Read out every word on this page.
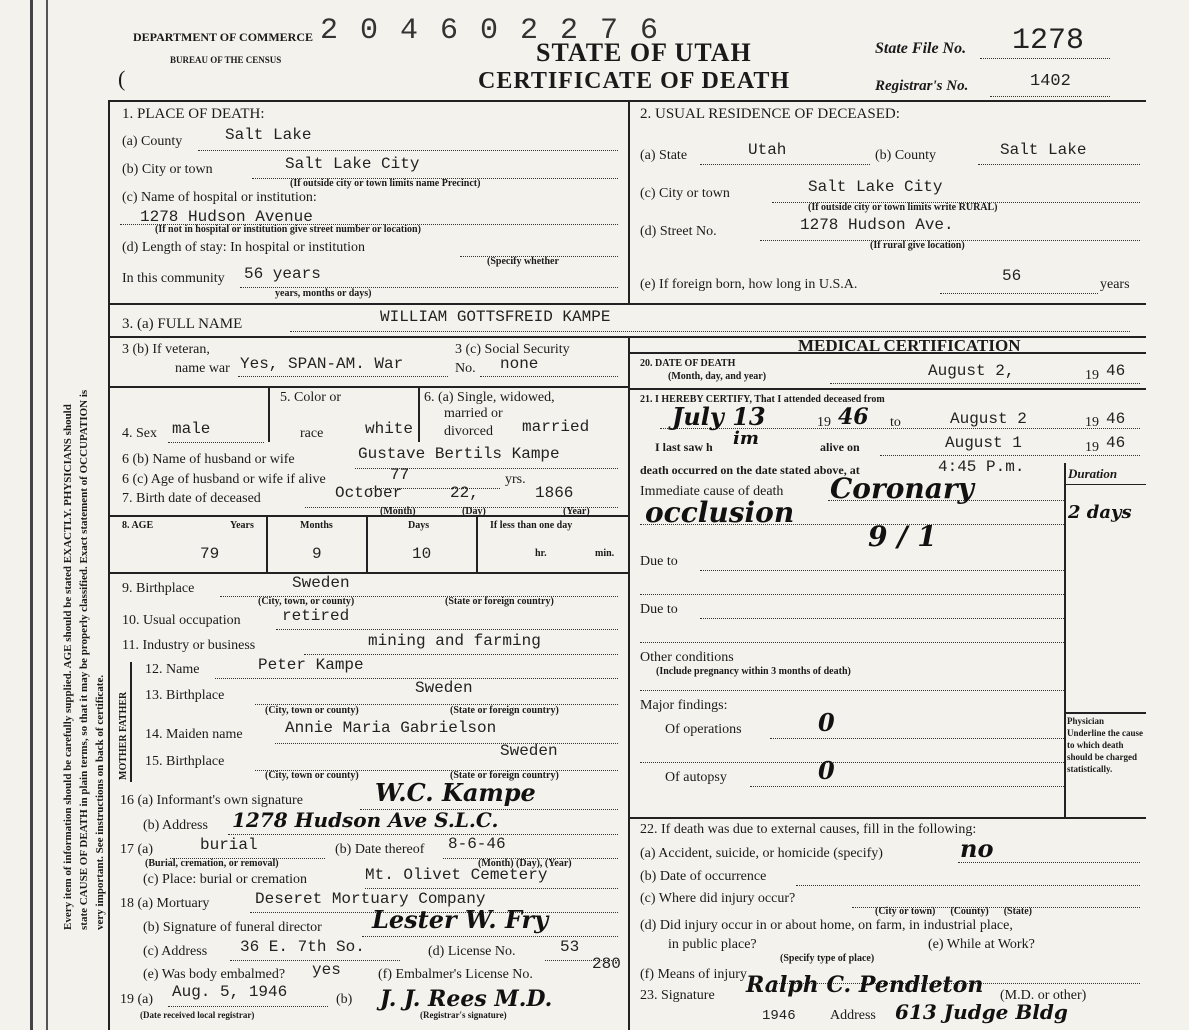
Every item of information should be carefully supplied. AGE should be stated EXACTLY. PHYSICIANS should state CAUSE OF DEATH in plain terms, so that it may be properly classified. Exact statement of OCCUPATION is very important. See instructions on back of certificate.
DEPARTMENT OF COMMERCE
BUREAU OF THE CENSUS
2 0 4 6 0 2 2 7 6
STATE OF UTAH
CERTIFICATE OF DEATH
State File No. 1278
Registrar's No.	1402
(
1. PLACE OF DEATH:
(a) County	Salt Lake
(b) City or town	Salt Lake City
(If outside city or town limits name Precinct)
(c) Name of hospital or institution:
1278 Hudson Avenue
(If not in hospital or institution give street number or location)
(d) Length of stay: In hospital or institution
(Specify whether
In this community 56 years
years, months or days)
2. USUAL RESIDENCE OF DECEASED:
(a) State	Utah	(b) County	Salt Lake
(c) City or town	Salt Lake City
(If outside city or town limits write RURAL)
(d) Street No.	1278 Hudson Ave.
(If rural give location)
(e) If foreign born, how long in U.S.A.	56	years
3. (a) FULL NAME	WILLIAM GOTTSFREID KAMPE
3 (b) If veteran,
name war Yes, SPAN-AM. War
3 (c) Social Security
No. none
4. Sex male
5. Color or
race	white
6. (a) Single, widowed,
married or
divorced married
6 (b) Name of husband or wife	Gustave Bertils Kampe
6 (c) Age of husband or wife if alive	77	yrs.
7. Birth date of deceased	October	22,	1866
(Month)	(Day)	(Year)
8. AGE	Years	Months	Days	If less than one day
79	9	10	hr.	min.
9. Birthplace	Sweden
(City, town, or county)	(State or foreign country)
10. Usual occupation	retired
11. Industry or business	mining and farming
MOTHER FATHER
12. Name	Peter Kampe
13. Birthplace	Sweden
(City, town or county)	(State or foreign country)
14. Maiden name	Annie Maria Gabrielson
15. Birthplace
Sweden
(City, town or county)	(State or foreign country)
16 (a) Informant's own signature	W.C. Kampe
(b) Address 1278 Hudson Ave S.L.C.
17 (a)	burial
(Burial, cremation, or removal)
(b) Date thereof 8-6-46
(Month) (Day), (Year)
(c) Place: burial or cremation	Mt. Olivet Cemetery
18 (a) Mortuary	Deseret Mortuary Company
(b) Signature of funeral director Lester W. Fry
(c) Address 36 E. 7th So.	(d) License No.	53
(e) Was body embalmed? yes	(f) Embalmer's License No.
280
19 (a) Aug. 5, 1946
(Date received local registrar)
(b) J. J. Rees M.D.
(Registrar's signature)
MEDICAL CERTIFICATION
20. DATE OF DEATH
(Month, day, and year)	August 2,	19 46
21. I HEREBY CERTIFY, That I attended deceased from
July 13	19 46 to	August 2	19 46
I last saw h im	alive on	August 1	19 46
death occurred on the date stated above, at	4:45 P.m.	Duration
Immediate cause of death Coronary
occlusion	2 days
9 / 1
Due to
Due to
Other conditions
(Include pregnancy within 3 months of death)
Major findings:
Of operations	0
Of autopsy	0
Physician Underline the cause to which death should be charged statistically.
22. If death was due to external causes, fill in the following:
(a) Accident, suicide, or homicide (specify)	no
(b) Date of occurrence
(c) Where did injury occur?
(City or town)      (County)      (State)
(d) Did injury occur in or about home, on farm, in industrial place,
in public place?
(Specify type of place)
(e) While at Work?
(f) Means of injury
23. Signature Ralph C. Pendleton (M.D. or other)
1946 Address 613 Judge Bldg
